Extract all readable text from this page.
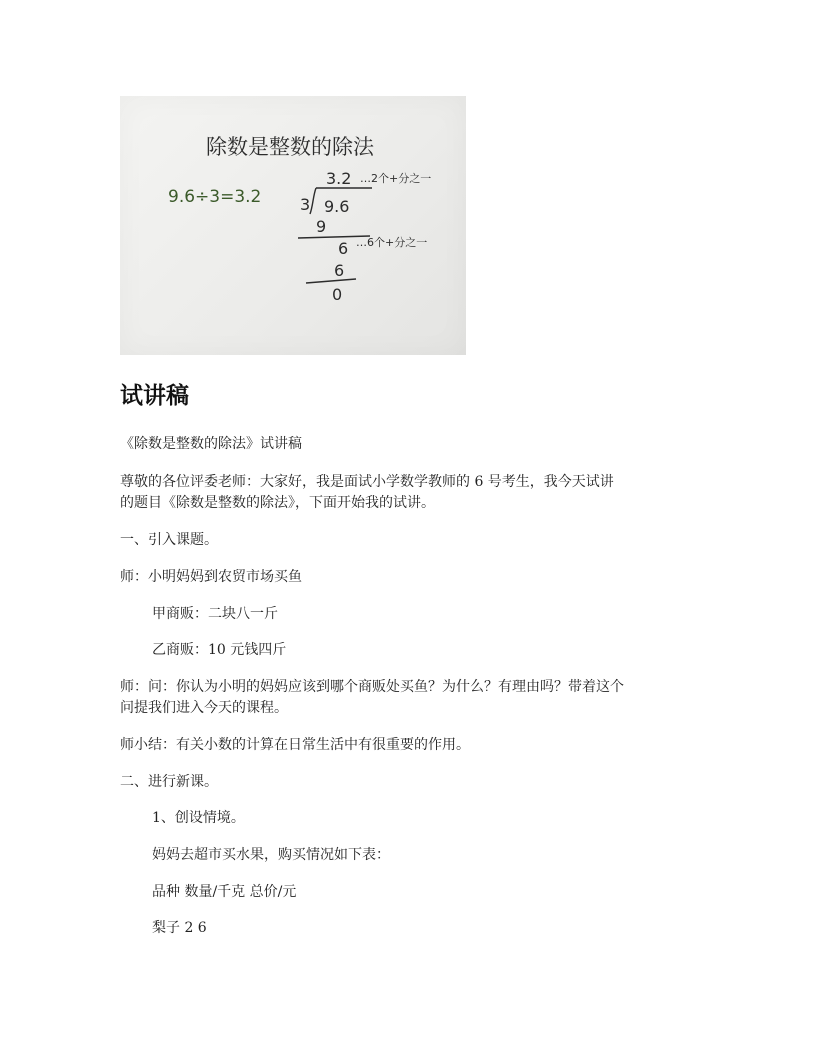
除数是整数的除法
9.6÷3=3.2
3.2 …2个+分之一
3 9.6
9
6 …6个+分之一
6
0
试讲稿

《除数是整数的除法》试讲稿

尊敬的各位评委老师：大家好，我是面试小学数学教师的 6 号考生，我今天试讲

的题目《除数是整数的除法》，下面开始我的试讲。

一、引入课题。

师：小明妈妈到农贸市场买鱼

甲商贩：二块八一斤

乙商贩：10 元钱四斤

师：问：你认为小明的妈妈应该到哪个商贩处买鱼？为什么？有理由吗？带着这个

问提我们进入今天的课程。

师小结：有关小数的计算在日常生活中有很重要的作用。

二、进行新课。

1、创设情境。

妈妈去超市买水果，购买情况如下表：

品种 数量/千克 总价/元

梨子 2 6
